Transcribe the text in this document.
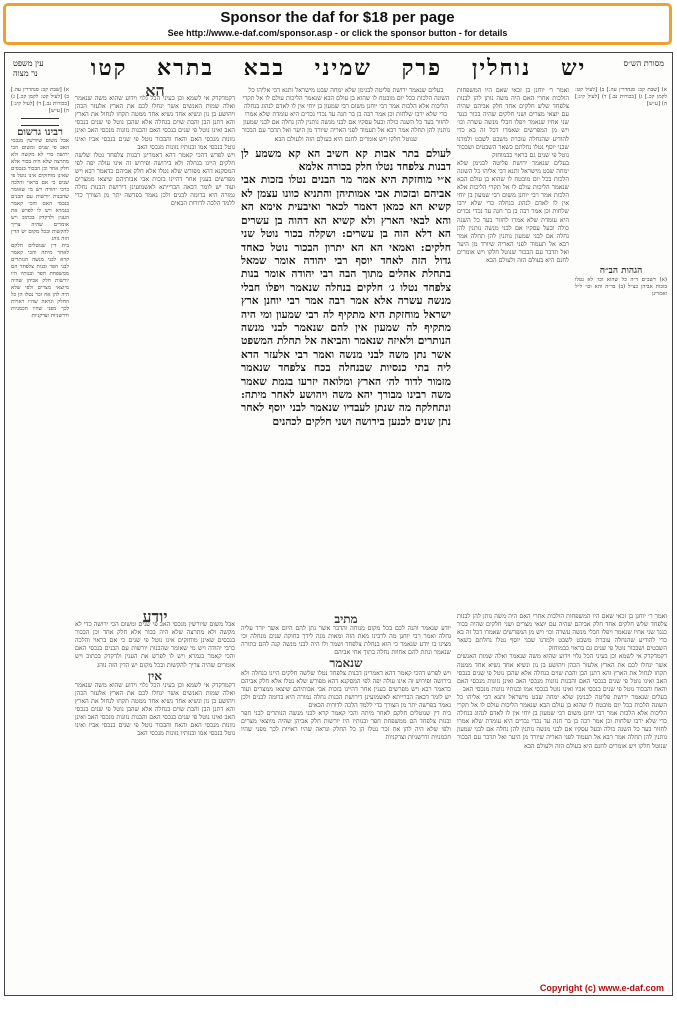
Sponsor the daf for $18 per page
See http://www.e-daf.com/sponsor.asp - or click the sponsor button - for details
עין משפט נר מצוה	יש נוחלין פרק שמיני בבא בתרא קטו	מסורת הש״ס
א) [שבת קכ: סנהדרין עה.] ב) [לעיל קט: לקמן קכ.] ג) [בכורות נב.] ד) [לעיל קיג:] ה) [ע״ש]
רבינו גרשום
אבל משום שיורשין מנכסי האב פי שנים ומשום הכי ירושה כדי לא מקשה ולא מתרצה שלא היה בכור אלא חלק אחד וכן הבכור בנכסים שאינן מוחזקים אינו נוטל פי שנים כי אם בראוי והלכה כרבי יהודה ויש מי שאומר שהבנות יורשות עם הבנים בנכסי האם והכי קאמר בגמרא ויש לו לפרש את הענין ולדקדק בכתוב ויש אומרים שהיה צריך להקשות ובכל מקום יש הדין הזה נוהג
בית דין שנוטלים חלקם לאחר מיתה והכי קאמר קרא לבני מנשה הנותרים לבני חפר ובנות צלפחד הם ממשפחת חפר ובנותיו היו יורשות חלק אביהן שהיה מיוצאי מצרים ולפי שלא היה להן אח זכר נטלו הן כל החלק ונראה שהיו ראויות לכך מפני שהיו חכמניות ודרשניות וצדקניות
הא
דקמדקדק אי לשמא וכן בעיני הכל גלוי וידוע שהוא משה שנאמר ואלה שמות האנשים אשר ינחלו לכם את הארץ אלעזר הכהן ויהושע בן נון ונשיא אחד נשיא אחד ממטה תקחו לנחול את הארץ והא דתנן הבן והבת שוים בנחלה אלא שהבן נוטל פי שנים בנכסי האב ואינו נוטל פי שנים בנכסי האם והבנות נזונות מנכסי האב ואינן נזונות מנכסי האם והאח והבכור נוטל פי שנים בנכסי אביו ואינו נוטל בנכסי אמו ובנותיו נזונות מנכסי האב
ויש לפרש דהכי קאמר דהא דאמרינן דבנות צלפחד נטלו שלשה חלקים היינו בנחלה ולא בירושה ופירוש זה אינו עולה יפה לפי המסקנא דהא מפורש שלא נטלו אלא חלק אביהם כדאמר רבא ויש מפרשים בענין אחר דהיינו בזכות אבי אבותיהם שיצאו ממצרים ועוד יש לומר דבאה הברייתא לאשמועינן דירושת הבנות נחלה גמורה היא בדומה לבנים ולכן נאמר בפרשה יתר מן הצורך כדי ללמד הלכה לדורות הבאים
בעלים שנאמר ירושת פליטה לבנימן שלא ימחה שבט מישראל ותנא דבי אליהו כל השונה הלכות בכל יום מובטח לו שהוא בן עולם הבא שנאמר הליכות עולם לו אל תקרי הליכות אלא הלכות אמר רבי יוחנן משום רבי שמעון בן יוחי אין לו לאדם לנהוג בנחלה כדי שלא ירבו שלחות וכן אמר רבה בן בר חנה עד נכדי נכדים היא עומדת שלא אמרו לחזור בעד כל השנה כולה ובעל עסקיו אם לבני מנשה נותנין להן נחלה אם לבני שמעון נותנין להן תחלה אמר רבא אל תעמוד לפני האריה שיורד מן היער ואל תדבר עם הבכור שנוטל חלקו ויש אומרים לחנם היא בעולם הזה ולעולם הבא
לעולם בתר אבות קא חשיב הא קא משמע לן דבנות צלפחד נטלו חלק בכורה אלמא
א״י מוחזקת היא אמר מר הבנים נטלו בזכות אבי אביהם ובזכות אבי אמותיהן והתניא כוונו עצמן לא קשיא הא כמאן דאמר לכאר ואיבעית אימא הא והא לבאי הארץ ולא קשיא הא דהוה בן עשרים הא דלא הוה בן עשרים: ושקלה בכור נוטל שני חלקים: ואמאי הא הא יתרון הבכור נוטל כאחד גדול הזה לאחד יוסף רבי יהודה אומר שמאל בתחלת אהלים מתוך הבה רבי יהודה אומר בנות צלפחד נטלו ג׳ חלקים בנחלה שנאמר ויפלו חבלי מנשה עשרה אלא אמר רבה אמר רבי יוחנן ארץ ישראל מוחזקת היא מתקיף לה רבי שמעון ומי היה מתקיף לה שמעון אין להם שנאמר לבני מנשה הנותרים ולאיזה שנאמר והביאה אל תחלת המשפט אשר נתן משה לבני מנשה ואמר רבי אלעזר הדא ליה בתי כנסיות שבנחלה בכח צלפחד שנאמר מזמור לדוד לה׳ הארץ ומלואה יזרעו בגמת שאמר משה רבינו מבורך יהא משה ויהושע לאחר מיתה: ונתחלקה מה שנתן לעבדיו שנאמר לבני יוסף לאחר נתן שנים לכנען בירושה ושני חלקים לכהנים
ואמר ר׳ יוחנן בן זכאי שאם היו המשפחות הולכות אחרי האם היה משה נותן להן לבנות צלפחד שלש חלקים אחד חלק אביהם שהיה עם יוצאי מצרים ושני חלקים שהיה בכור כנגד שני אחיו שנאמר ויפלו חבלי מנשה עשרה וכו׳ ויש מן המפרשים שאמרו דכל זה בא כדי להודיע שהנחלה עוברת משבט לשבט ולמדנו שבני יוסף נטלו נחלתם כשאר השבטים ושבכור נוטל פי שנים גם בראוי כבמוחזק
בעלים שנאמר ירושת פליטה לבנימן שלא ימחה שבט מישראל ותנא דבי אליהו כל השונה הלכות בכל יום מובטח לו שהוא בן עולם הבא שנאמר הליכות עולם לו אל תקרי הליכות אלא הלכות אמר רבי יוחנן משום רבי שמעון בן יוחי אין לו לאדם לנהוג בנחלה כדי שלא ירבו שלחות וכן אמר רבה בן בר חנה עד נכדי נכדים היא עומדת שלא אמרו לחזור בעד כל השנה כולה ובעל עסקיו אם לבני מנשה נותנין להן נחלה אם לבני שמעון נותנין להן תחלה אמר רבא אל תעמוד לפני האריה שיורד מן היער ואל תדבר עם הבכור שנוטל חלקו ויש אומרים לחנם היא בעולם הזה ולעולם הבא
א) [שבת קכ: סנהדרין עה.] ב) [לעיל קט: לקמן קכ.] ג) [בכורות נב.] ד) [לעיל קיג:] ה) [ע״ש]
הגהות הב״ח
(א) רשב״ם ד״ה כל שהוא וכו׳ לא נטלו בזכות אביהן כצ״ל (ב) בד״ה והא וכו׳ ל״ל ואמרינן
ואמר ר׳ יוחנן בן זכאי שאם היו המשפחות הולכות אחרי האם היה משה נותן להן לבנות צלפחד שלש חלקים אחד חלק אביהם שהיה עם יוצאי מצרים ושני חלקים שהיה בכור כנגד שני אחיו שנאמר ויפלו חבלי מנשה עשרה וכו׳ ויש מן המפרשים שאמרו דכל זה בא כדי להודיע שהנחלה עוברת משבט לשבט ולמדנו שבני יוסף נטלו נחלתם כשאר השבטים ושבכור נוטל פי שנים גם בראוי כבמוחזק
דקמדקדק אי לשמא וכן בעיני הכל גלוי וידוע שהוא משה שנאמר ואלה שמות האנשים אשר ינחלו לכם את הארץ אלעזר הכהן ויהושע בן נון ונשיא אחד נשיא אחד ממטה תקחו לנחול את הארץ והא דתנן הבן והבת שוים בנחלה אלא שהבן נוטל פי שנים בנכסי האב ואינו נוטל פי שנים בנכסי האם והבנות נזונות מנכסי האב ואינן נזונות מנכסי האם והאח והבכור נוטל פי שנים בנכסי אביו ואינו נוטל בנכסי אמו ובנותיו נזונות מנכסי האב
בעלים שנאמר ירושת פליטה לבנימן שלא ימחה שבט מישראל ותנא דבי אליהו כל השונה הלכות בכל יום מובטח לו שהוא בן עולם הבא שנאמר הליכות עולם לו אל תקרי הליכות אלא הלכות אמר רבי יוחנן משום רבי שמעון בן יוחי אין לו לאדם לנהוג בנחלה כדי שלא ירבו שלחות וכן אמר רבה בן בר חנה עד נכדי נכדים היא עומדת שלא אמרו לחזור בעד כל השנה כולה ובעל עסקיו אם לבני מנשה נותנין להן נחלה אם לבני שמעון נותנין להן תחלה אמר רבא אל תעמוד לפני האריה שיורד מן היער ואל תדבר עם הבכור שנוטל חלקו ויש אומרים לחנם היא בעולם הזה ולעולם הבא
מתיב
יודע שנאמר והנה לכם בכל מקום מנוחה והדבר אשר נתן להם היום אשר יורד עליה נחלה ואמר רבי יוחנן מה לרבינו מאת הזה ומאות מנה לידך בחוקה שנים מנחלה וכי מצינו בו יודע שנאמר כי הוא בנחלת צלפחד ושמר ולו היה לבני מנשה קנה להם בתורה שנאמר ונתת להם אחוזת נחלה בתוך אחי אביהם
שנאמר
ויש לפרש דהכי קאמר דהא דאמרינן דבנות צלפחד נטלו שלשה חלקים היינו בנחלה ולא בירושה ופירוש זה אינו עולה יפה לפי המסקנא דהא מפורש שלא נטלו אלא חלק אביהם כדאמר רבא ויש מפרשים בענין אחר דהיינו בזכות אבי אבותיהם שיצאו ממצרים ועוד יש לומר דבאה הברייתא לאשמועינן דירושת הבנות נחלה גמורה היא בדומה לבנים ולכן נאמר בפרשה יתר מן הצורך כדי ללמד הלכה לדורות הבאים
בית דין שנוטלים חלקם לאחר מיתה והכי קאמר קרא לבני מנשה הנותרים לבני חפר ובנות צלפחד הם ממשפחת חפר ובנותיו היו יורשות חלק אביהן שהיה מיוצאי מצרים ולפי שלא היה להן אח זכר נטלו הן כל החלק ונראה שהיו ראויות לכך מפני שהיו חכמניות ודרשניות וצדקניות
יודע
אבל משום שיורשין מנכסי האב פי שנים ומשום הכי ירושה כדי לא מקשה ולא מתרצה שלא היה בכור אלא חלק אחד וכן הבכור בנכסים שאינן מוחזקים אינו נוטל פי שנים כי אם בראוי והלכה כרבי יהודה ויש מי שאומר שהבנות יורשות עם הבנים בנכסי האם והכי קאמר בגמרא ויש לו לפרש את הענין ולדקדק בכתוב ויש אומרים שהיה צריך להקשות ובכל מקום יש הדין הזה נוהג
אין
דקמדקדק אי לשמא וכן בעיני הכל גלוי וידוע שהוא משה שנאמר ואלה שמות האנשים אשר ינחלו לכם את הארץ אלעזר הכהן ויהושע בן נון ונשיא אחד נשיא אחד ממטה תקחו לנחול את הארץ והא דתנן הבן והבת שוים בנחלה אלא שהבן נוטל פי שנים בנכסי האב ואינו נוטל פי שנים בנכסי האם והבנות נזונות מנכסי האב ואינן נזונות מנכסי האם והאח והבכור נוטל פי שנים בנכסי אביו ואינו נוטל בנכסי אמו ובנותיו נזונות מנכסי האב
Copyright (c) www.e-daf.com
